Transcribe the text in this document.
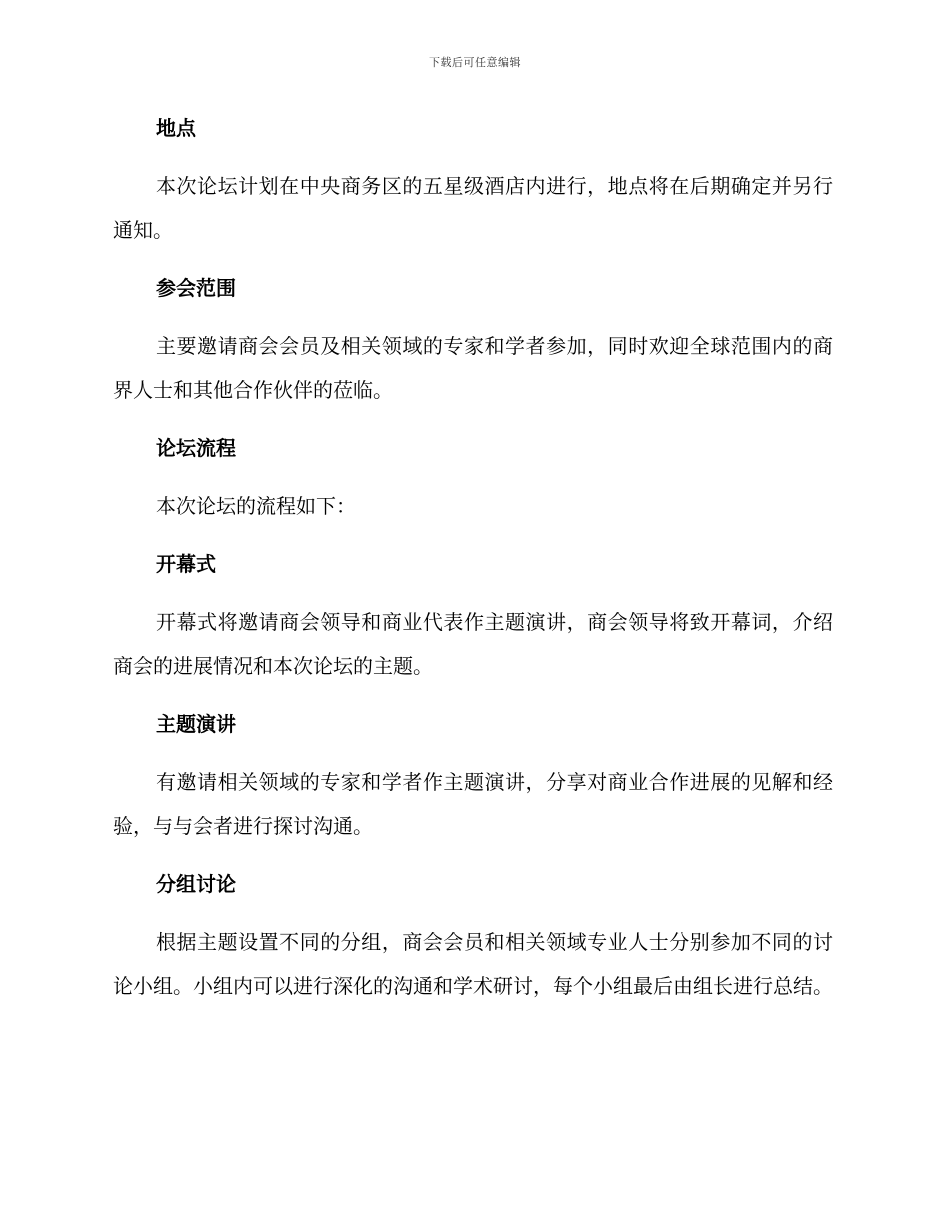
下载后可任意编辑
地点
本次论坛计划在中央商务区的五星级酒店内进行，地点将在后期确定并另行通知。
参会范围
主要邀请商会会员及相关领域的专家和学者参加，同时欢迎全球范围内的商界人士和其他合作伙伴的莅临。
论坛流程
本次论坛的流程如下：
开幕式
开幕式将邀请商会领导和商业代表作主题演讲，商会领导将致开幕词，介绍商会的进展情况和本次论坛的主题。
主题演讲
有邀请相关领域的专家和学者作主题演讲，分享对商业合作进展的见解和经验，与与会者进行探讨沟通。
分组讨论
根据主题设置不同的分组，商会会员和相关领域专业人士分别参加不同的讨论小组。小组内可以进行深化的沟通和学术研讨，每个小组最后由组长进行总结。
